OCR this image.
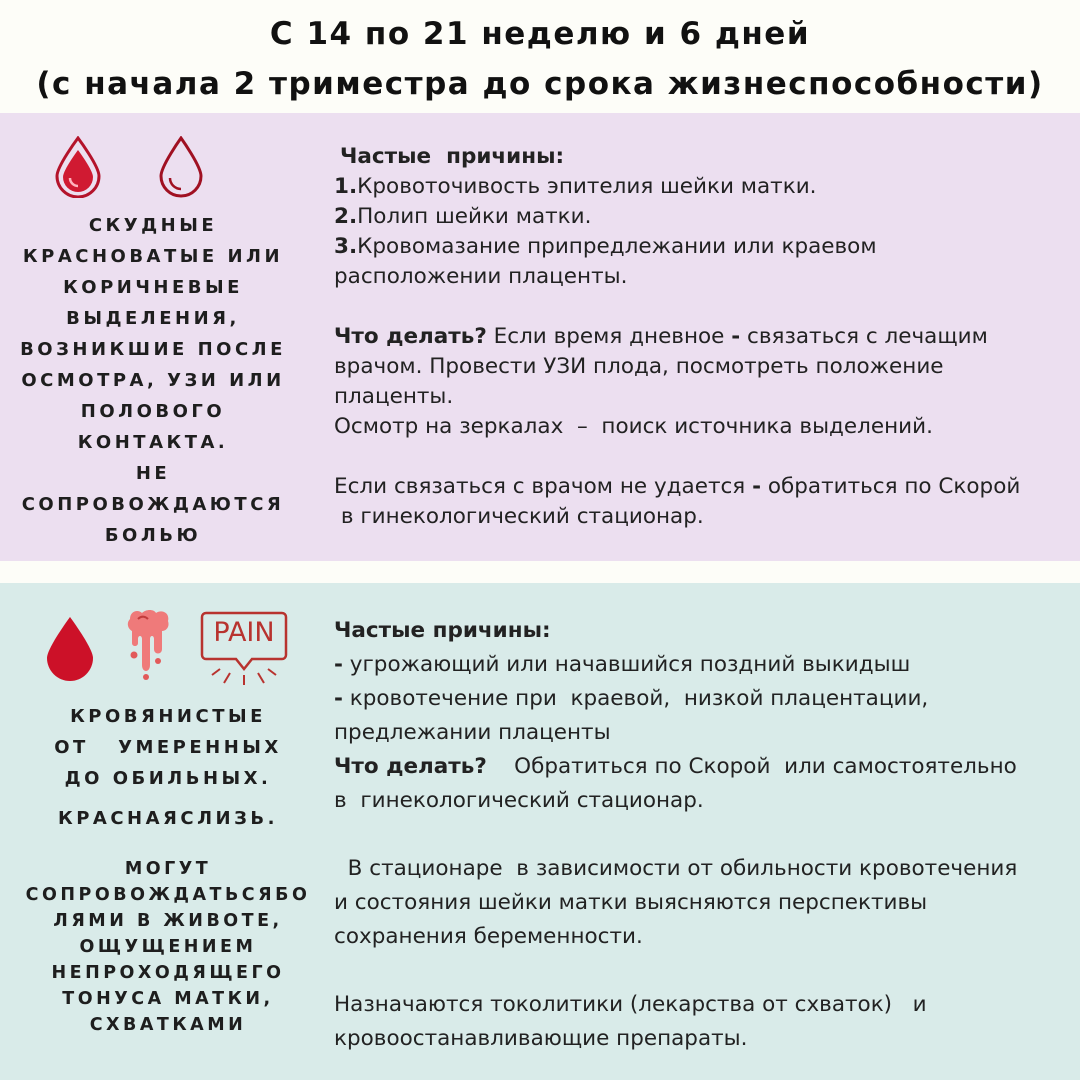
С 14 по 21 неделю и 6 дней
(с начала 2 триместра до срока жизнеспособности)
СКУДНЫЕ
КРАСНОВАТЫЕ ИЛИ
КОРИЧНЕВЫЕ
ВЫДЕЛЕНИЯ,
ВОЗНИКШИЕ ПОСЛЕ
ОСМОТРА, УЗИ ИЛИ
ПОЛОВОГО
КОНТАКТА.
НЕ
СОПРОВОЖДАЮТСЯ
БОЛЬЮ
Частые  причины:
1.Кровоточивость эпителия шейки матки.
2.Полип шейки матки.
3.Кровомазание припредлежании или краевом
расположении плаценты.
Что делать? Если время дневное - связаться с лечащим
врачом. Провести УЗИ плода, посмотреть положение
плаценты.
Осмотр на зеркалах  –  поиск источника выделений.
Если связаться с врачом не удается - обратиться по Скорой
в гинекологический стационар.
PAIN
КРОВЯНИСТЫЕ
ОТ   УМЕРЕННЫХ
ДО ОБИЛЬНЫХ.
КРАСНАЯСЛИЗЬ.
МОГУТ
СОПРОВОЖДАТЬСЯБО
ЛЯМИ В ЖИВОТЕ,
ОЩУЩЕНИЕМ
НЕПРОХОДЯЩЕГО
ТОНУСА МАТКИ,
СХВАТКАМИ
Частые причины:
- угрожающий или начавшийся поздний выкидыш
- кровотечение при  краевой,  низкой плацентации,
предлежании плаценты
Что делать?    Обратиться по Скорой  или самостоятельно
в  гинекологический стационар.
В стационаре  в зависимости от обильности кровотечения
и состояния шейки матки выясняются перспективы
сохранения беременности.
Назначаются токолитики (лекарства от схваток)   и
кровоостанавливающие препараты.
